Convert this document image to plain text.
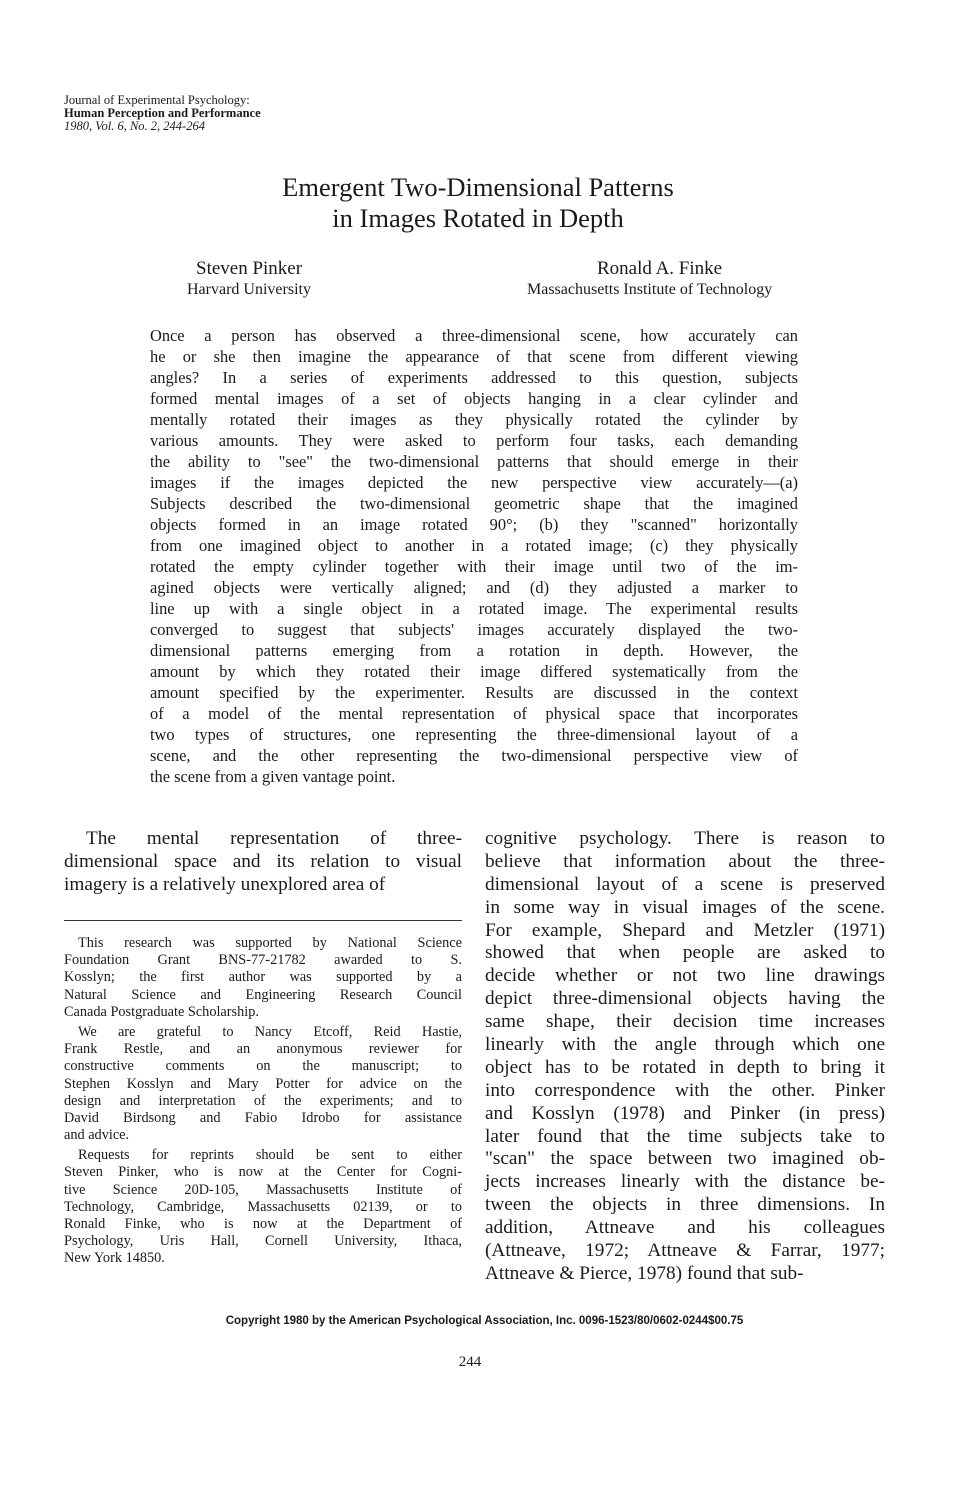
Journal of Experimental Psychology:
Human Perception and Performance
1980, Vol. 6, No. 2, 244-264
Emergent Two-Dimensional Patterns
in Images Rotated in Depth
Steven Pinker
Harvard University
Ronald A. Finke
Massachusetts Institute of Technology
Once a person has observed a three-dimensional scene, how accurately can
he or she then imagine the appearance of that scene from different viewing
angles? In a series of experiments addressed to this question, subjects
formed mental images of a set of objects hanging in a clear cylinder and
mentally rotated their images as they physically rotated the cylinder by
various amounts. They were asked to perform four tasks, each demanding
the ability to "see" the two-dimensional patterns that should emerge in their
images if the images depicted the new perspective view accurately—(a)
Subjects described the two-dimensional geometric shape that the imagined
objects formed in an image rotated 90°; (b) they "scanned" horizontally
from one imagined object to another in a rotated image; (c) they physically
rotated the empty cylinder together with their image until two of the im-
agined objects were vertically aligned; and (d) they adjusted a marker to
line up with a single object in a rotated image. The experimental results
converged to suggest that subjects' images accurately displayed the two-
dimensional patterns emerging from a rotation in depth. However, the
amount by which they rotated their image differed systematically from the
amount specified by the experimenter. Results are discussed in the context
of a model of the mental representation of physical space that incorporates
two types of structures, one representing the three-dimensional layout of a
scene, and the other representing the two-dimensional perspective view of
the scene from a given vantage point.
The mental representation of three-
dimensional space and its relation to visual
imagery is a relatively unexplored area of
This research was supported by National Science
Foundation Grant BNS-77-21782 awarded to S.
Kosslyn; the first author was supported by a
Natural Science and Engineering Research Council
Canada Postgraduate Scholarship.
We are grateful to Nancy Etcoff, Reid Hastie,
Frank Restle, and an anonymous reviewer for
constructive comments on the manuscript; to
Stephen Kosslyn and Mary Potter for advice on the
design and interpretation of the experiments; and to
David Birdsong and Fabio Idrobo for assistance
and advice.
Requests for reprints should be sent to either
Steven Pinker, who is now at the Center for Cogni-
tive Science 20D-105, Massachusetts Institute of
Technology, Cambridge, Massachusetts 02139, or to
Ronald Finke, who is now at the Department of
Psychology, Uris Hall, Cornell University, Ithaca,
New York 14850.
cognitive psychology. There is reason to
believe that information about the three-
dimensional layout of a scene is preserved
in some way in visual images of the scene.
For example, Shepard and Metzler (1971)
showed that when people are asked to
decide whether or not two line drawings
depict three-dimensional objects having the
same shape, their decision time increases
linearly with the angle through which one
object has to be rotated in depth to bring it
into correspondence with the other. Pinker
and Kosslyn (1978) and Pinker (in press)
later found that the time subjects take to
"scan" the space between two imagined ob-
jects increases linearly with the distance be-
tween the objects in three dimensions. In
addition, Attneave and his colleagues
(Attneave, 1972; Attneave & Farrar, 1977;
Attneave & Pierce, 1978) found that sub-
Copyright 1980 by the American Psychological Association, Inc. 0096-1523/80/0602-0244$00.75
244
